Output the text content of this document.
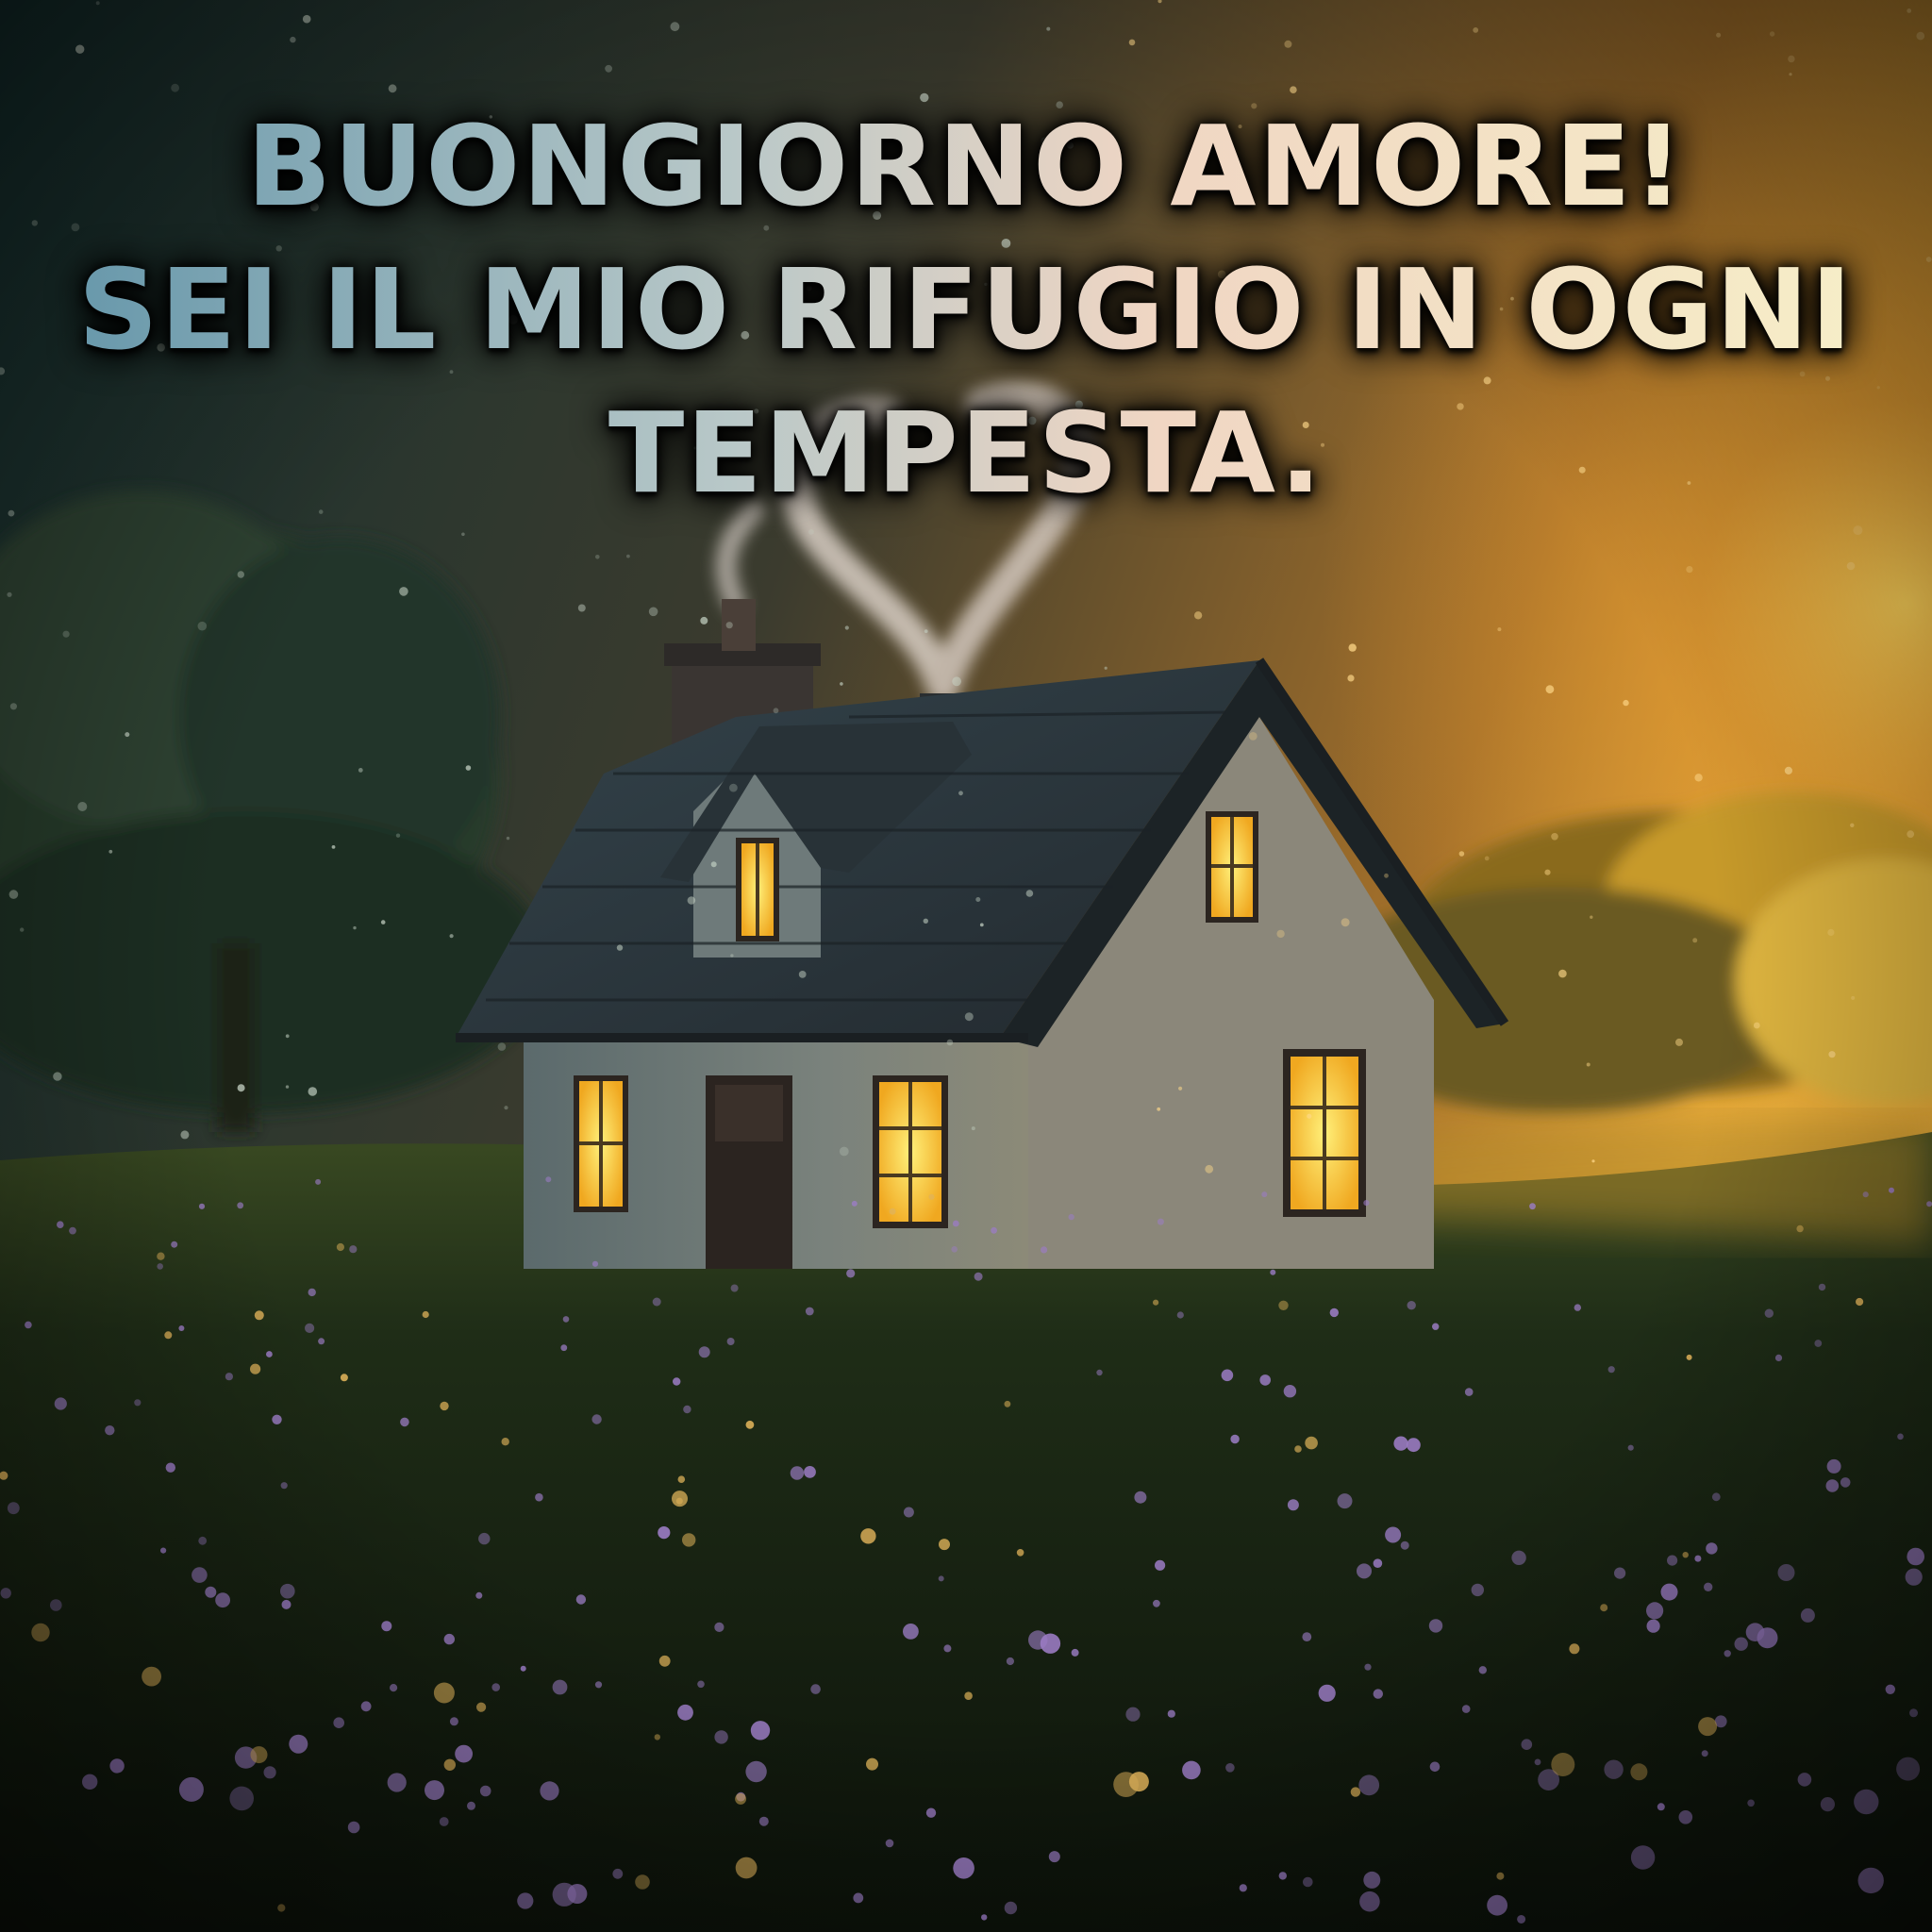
BUONGIORNO AMORE!
SEI IL MIO RIFUGIO IN OGNI
TEMPESTA.
